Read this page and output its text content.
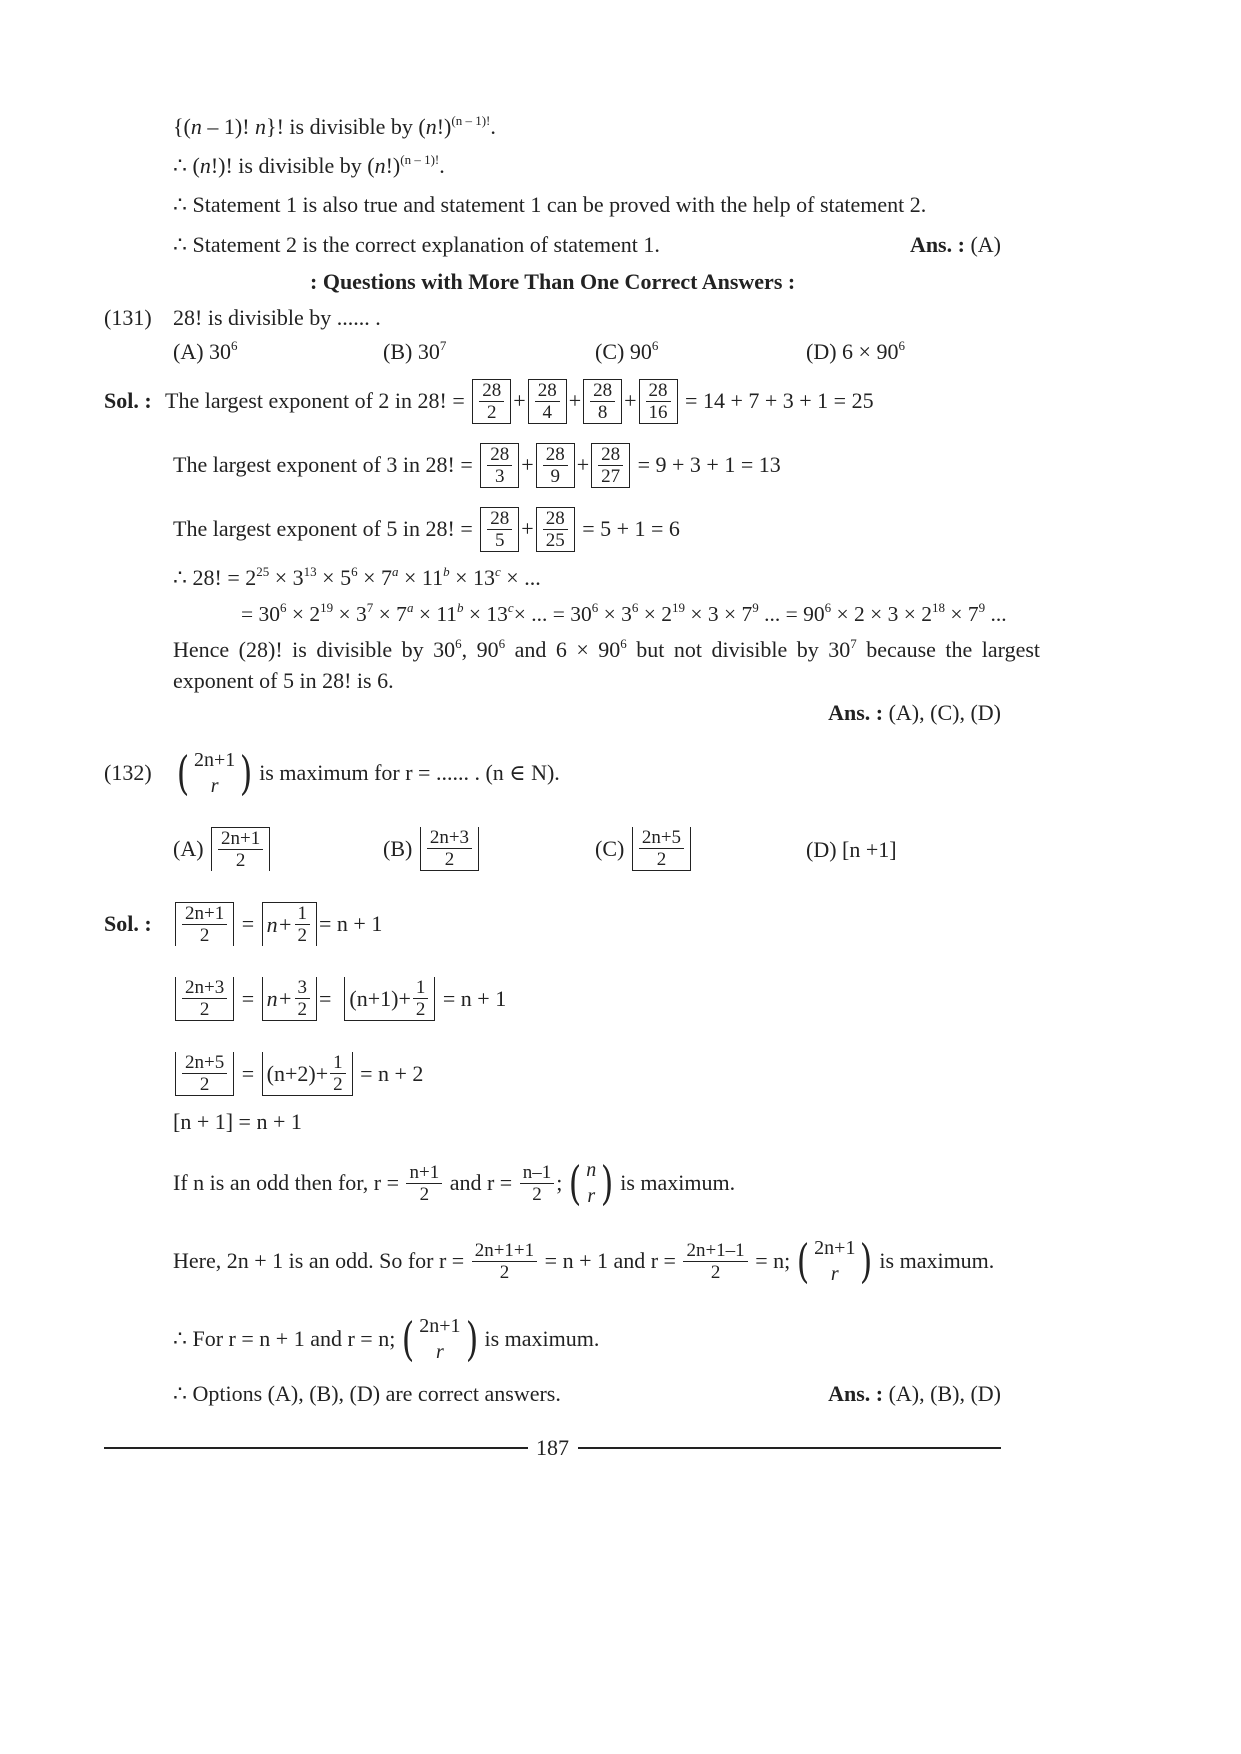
{(n – 1)! n}! is divisible by $(n!)^{(n - 1)!}$.
∴ (n!)! is divisible by $(n!)^{(n - 1)!}$.
∴ Statement 1 is also true and statement 1 can be proved with the help of statement 2.
∴ Statement 2 is the correct explanation of statement 1.	Ans. : (A)
: Questions with More Than One Correct Answers :
(131) 28! is divisible by ...... .
(A) $30^6$	(B) $30^7$	(C) $90^6$	(D) $6 \times 90^6$
Sol. : The largest exponent of 2 in 28! =
$\frac{28}{2} + \frac{28}{4} + \frac{28}{8} + \frac{28}{16}$
= 14 + 7 + 3 + 1 = 25
The largest exponent of 3 in 28! =
$\frac{28}{3} + \frac{28}{9} + \frac{28}{27}$
= 9 + 3 + 1 = 13
The largest exponent of 5 in 28! =
$\frac{28}{5} + \frac{28}{25}$
= 5 + 1 = 6
∴ 28! = $2^{25} \times 3^{13} \times 5^6 \times 7^a \times 11^b \times 13^c$ × ...
= $30^6 \times 2^{19} \times 3^7 \times 7^a \times 11^b \times 13^c\times$ ... = $30^6 \times 3^6 \times 2^{19} \times 3 \times 7^9$ ... = $90^6 \times 2 \times 3 \times 2^{18} \times 7^9$ ...
Hence (28)! is divisible by $30^6$, $90^6$ and $6 \times 90^6$ but not divisible by $30^7$ because the largest
exponent of 5 in 28! is 6.
Ans. : (A), (C), (D)
(132) ( 2n+1
r ) is maximum for r = ...... . (n ∈ N).
(A)
$\frac{2n+1}{2}$	(B)
$\frac{2n+3}{2}$	(C)
$\frac{2n+5}{2}$	(D) [n +1]
Sol. : $\frac{2n+1}{2} = n+ \frac{1}{2} = n + 1$
$\frac{2n+3}{2} = n+ \frac{3}{2} = (n+1)+ \frac{1}{2}$
= n + 1
$\frac{2n+5}{2} = (n+2)+ \frac{1}{2}$
= n + 2
[n + 1] = n + 1
If n is an odd then for, r =
$\frac{n+1}{2}$
and r =
$\frac{n-1}{2}$ ; ( n
r ) is maximum.
Here, 2n + 1 is an odd. So for r =
$\frac{2n+1+1}{2}$
= n + 1 and r =
$\frac{2n+1-1}{2}$
= n; ( 2n+1
r ) is maximum.
∴ For r = n + 1 and r = n; ( 2n+1
r ) is maximum.
∴ Options (A), (B), (D) are correct answers.	Ans. : (A), (B), (D)
187
